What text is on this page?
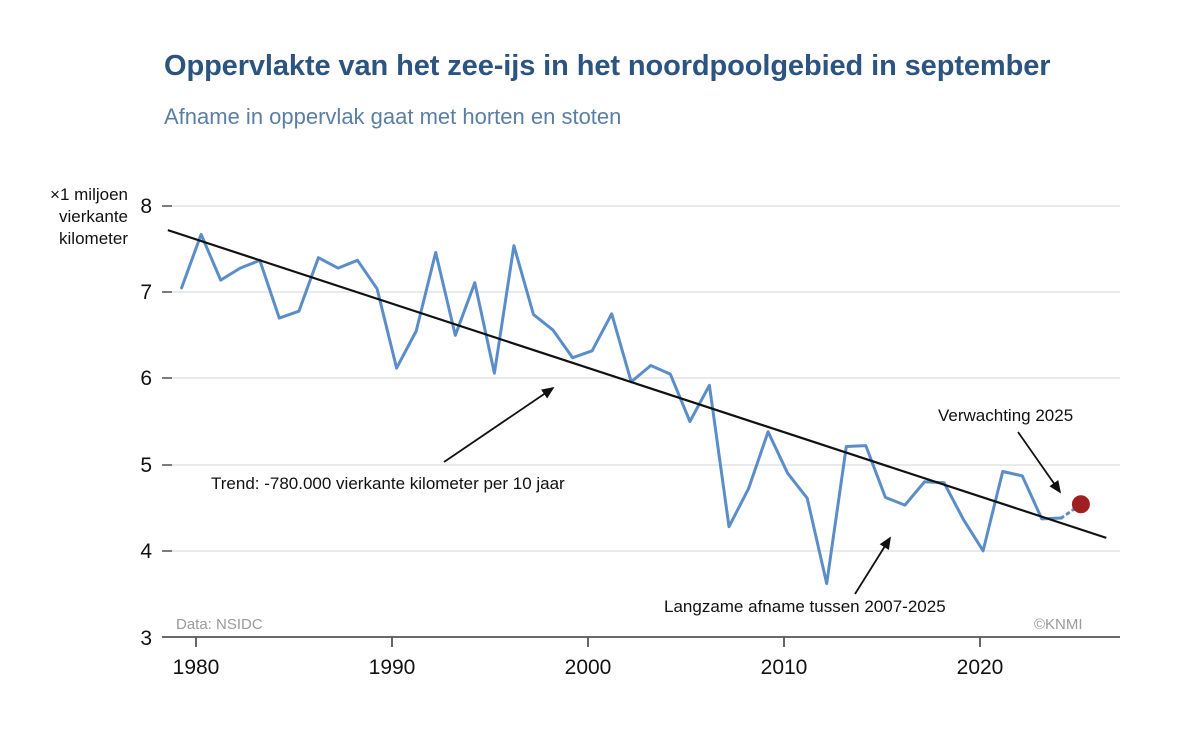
Oppervlakte van het zee-ijs in het noordpoolgebied in september
Afname in oppervlak gaat met horten en stoten
×1 miljoen vierkante kilometer
8
7
6
5
4
3
1980	1990	2000	2010	2020
Trend: -780.000 vierkante kilometer per 10 jaar
Langzame afname tussen 2007-2025
Verwachting 2025
Data: NSIDC	©KNMI
